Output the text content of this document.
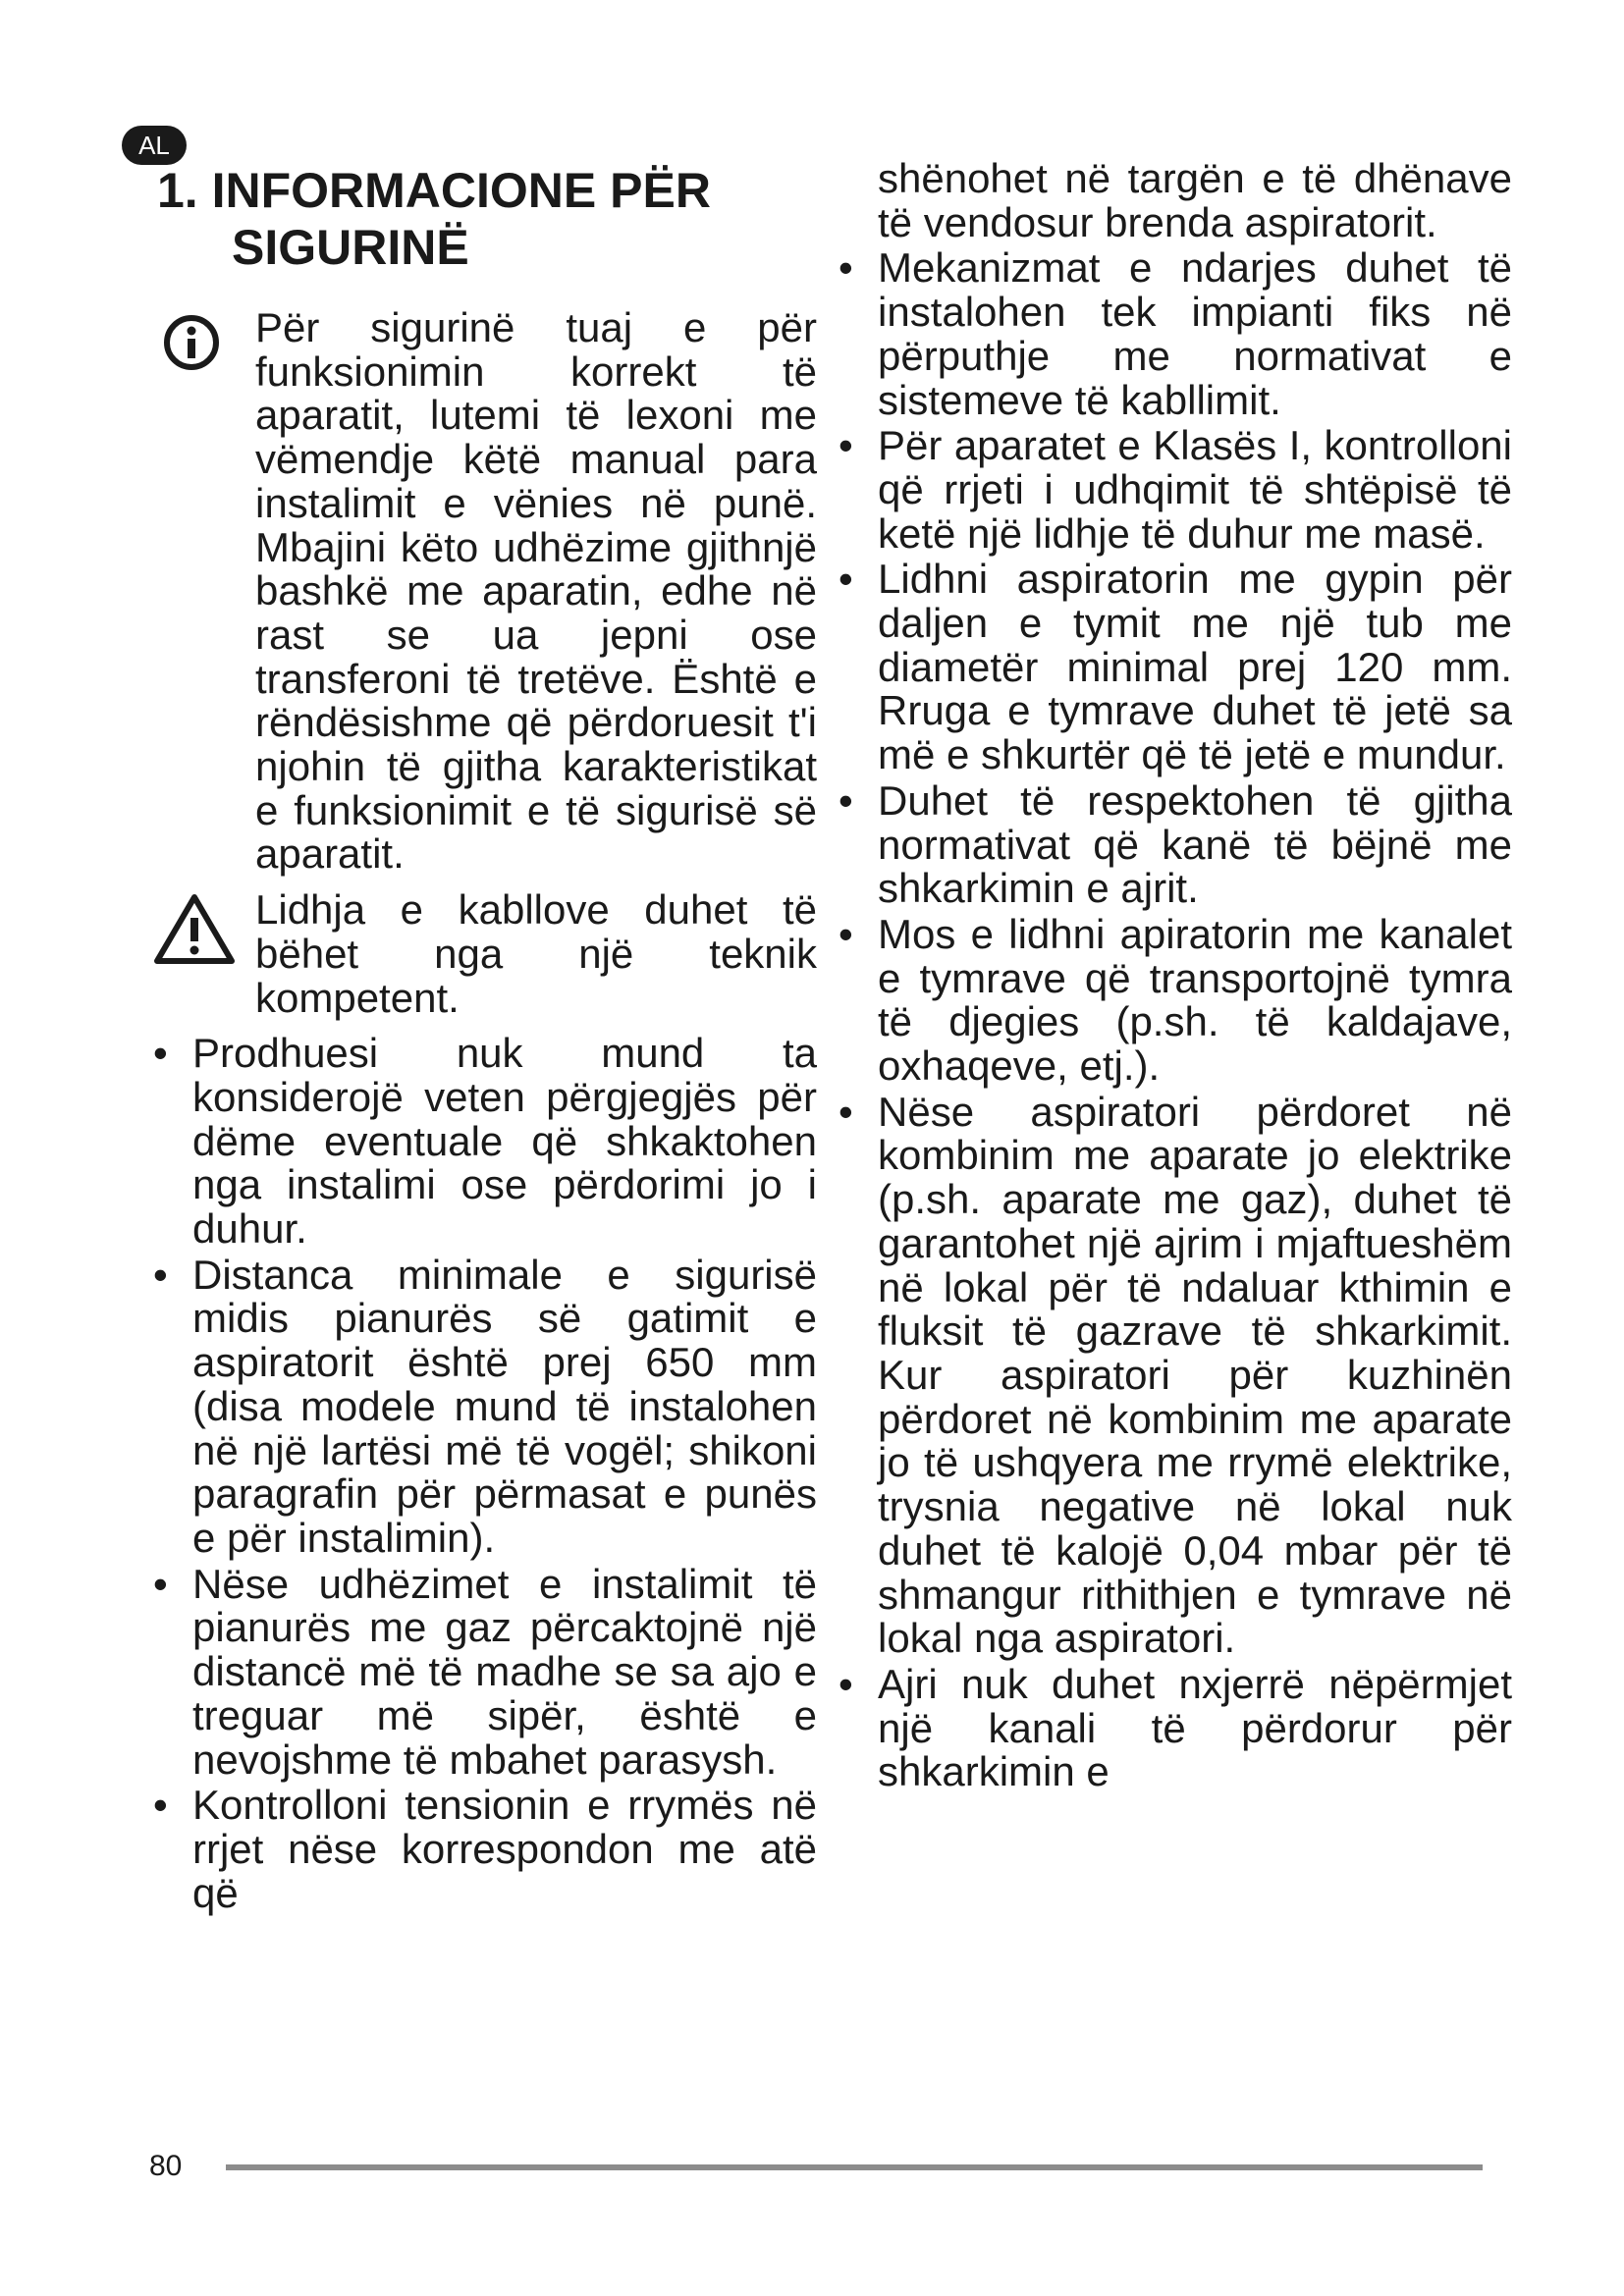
AL
1. INFORMACIONE PËR
SIGURINË
Për sigurinë tuaj e për funksionimin korrekt të aparatit, lutemi të lexoni me vëmendje këtë manual para instalimit e vënies në punë. Mbajini këto udhëzime gjithnjë bashkë me aparatin, edhe në rast se ua jepni ose transferoni të tretëve. Është e rëndësishme që përdoruesit t'i njohin të gjitha karakteristikat e funksionimit e të sigurisë së aparatit.
Lidhja e kabllove duhet të bëhet nga një teknik kompetent.
• Prodhuesi nuk mund ta konsiderojë veten përgjegjës për dëme eventuale që shkaktohen nga instalimi ose përdorimi jo i duhur.
• Distanca minimale e sigurisë midis pianurës së gatimit e aspiratorit është prej 650 mm (disa modele mund të instalohen në një lartësi më të vogël; shikoni paragrafin për përmasat e punës e për instalimin).
• Nëse udhëzimet e instalimit të pianurës me gaz përcaktojnë një distancë më të madhe se sa ajo e treguar më sipër, është e nevojshme të mbahet parasysh.
• Kontrolloni tensionin e rrymës në rrjet nëse korrespondon me atë që
shënohet në targën e të dhënave të vendosur brenda aspiratorit.
• Mekanizmat e ndarjes duhet të instalohen tek impianti fiks në përputhje me normativat e sistemeve të kabllimit.
• Për aparatet e Klasës I, kontrolloni që rrjeti i udhqimit të shtëpisë të ketë një lidhje të duhur me masë.
• Lidhni aspiratorin me gypin për daljen e tymit me një tub me diametër minimal prej 120 mm. Rruga e tymrave duhet të jetë sa më e shkurtër që të jetë e mundur.
• Duhet të respektohen të gjitha normativat që kanë të bëjnë me shkarkimin e ajrit.
• Mos e lidhni apiratorin me kanalet e tymrave që transportojnë tymra të djegies (p.sh. të kaldajave, oxhaqeve, etj.).
• Nëse aspiratori përdoret në kombinim me aparate jo elektrike (p.sh. aparate me gaz), duhet të garantohet një ajrim i mjaftueshëm në lokal për të ndaluar kthimin e fluksit të gazrave të shkarkimit. Kur aspiratori për kuzhinën përdoret në kombinim me aparate jo të ushqyera me rrymë elektrike, trysnia negative në lokal nuk duhet të kalojë 0,04 mbar për të shmangur rithithjen e tymrave në lokal nga aspiratori.
• Ajri nuk duhet nxjerrë nëpërmjet një kanali të përdorur për shkarkimin e
80
